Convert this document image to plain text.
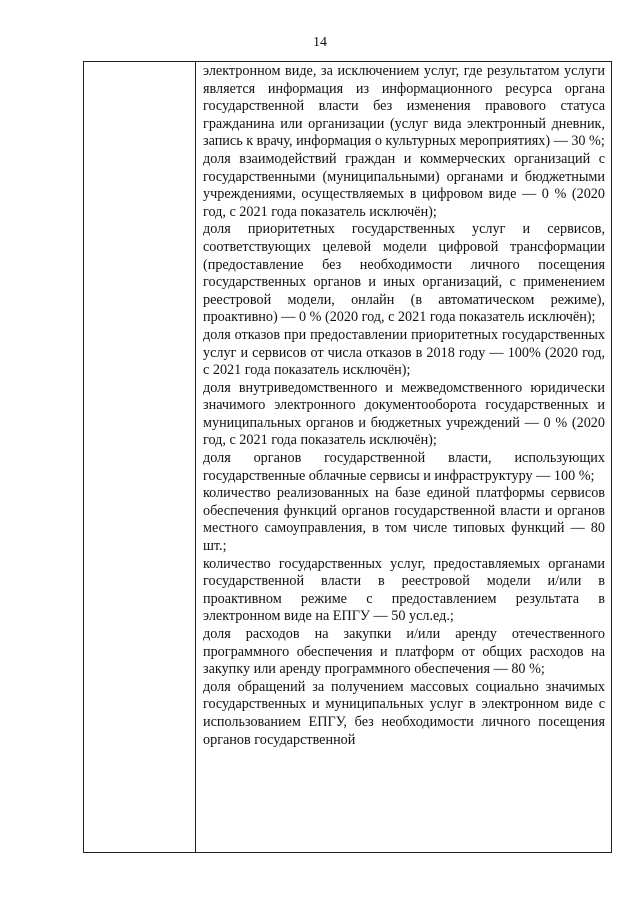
14

электронном виде, за исключением услуг, где результатом услуги является информация из информационного ресурса органа государственной власти без изменения правового статуса гражданина или организации (услуг вида электронный дневник, запись к врачу, информация о культурных мероприятиях) — 30 %;

доля взаимодействий граждан и коммерческих организаций с государственными (муниципальными) органами и бюджетными учреждениями, осуществляемых в цифровом виде — 0 % (2020 год, с 2021 года показатель исключён);

доля приоритетных государственных услуг и сервисов, соответствующих целевой модели цифровой трансформации (предоставление без необходимости личного посещения государственных органов и иных организаций, с применением реестровой модели, онлайн (в автоматическом режиме), проактивно) — 0 % (2020 год, с 2021 года показатель исключён);

доля отказов при предоставлении приоритетных государственных услуг и сервисов от числа отказов в 2018 году — 100% (2020 год, с 2021 года показатель исключён);

доля внутриведомственного и межведомственного юридически значимого электронного документооборота государственных и муниципальных органов и бюджетных учреждений — 0 % (2020 год, с 2021 года показатель исключён);

доля органов государственной власти, использующих государственные облачные сервисы и инфраструктуру — 100 %;

количество реализованных на базе единой платформы сервисов обеспечения функций органов государственной власти и органов местного самоуправления, в том числе типовых функций — 80 шт.;

количество государственных услуг, предоставляемых органами государственной власти в реестровой модели и/или в проактивном режиме с предоставлением результата в электронном виде на ЕПГУ — 50 усл.ед.;

доля расходов на закупки и/или аренду отечественного программного обеспечения и платформ от общих расходов на закупку или аренду программного обеспечения — 80 %;

доля обращений за получением массовых социально значимых государственных и муниципальных услуг в электронном виде с использованием ЕПГУ, без необходимости личного посещения органов государственной
